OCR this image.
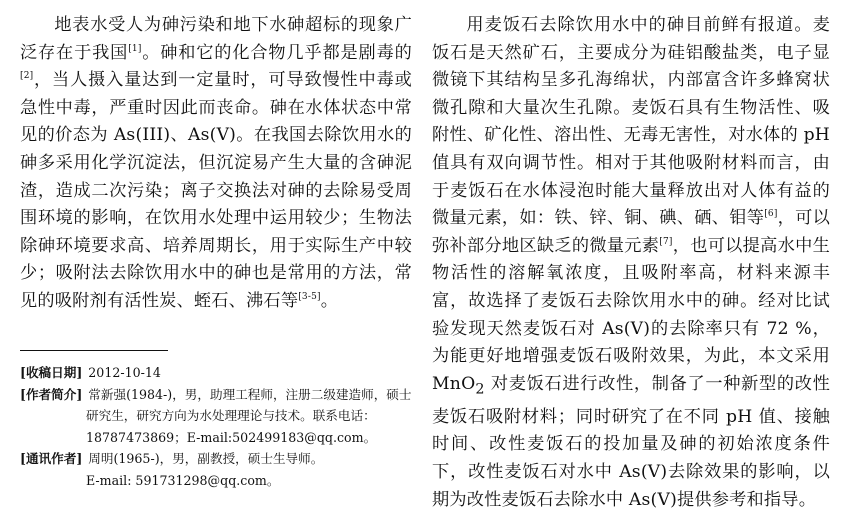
地表水受人为砷污染和地下水砷超标的现象广泛存在于我国[1]。砷和它的化合物几乎都是剧毒的[2]，当人摄入量达到一定量时，可导致慢性中毒或急性中毒，严重时因此而丧命。砷在水体状态中常见的价态为 As(III)、As(V)。在我国去除饮用水的砷多采用化学沉淀法，但沉淀易产生大量的含砷泥渣，造成二次污染；离子交换法对砷的去除易受周围环境的影响，在饮用水处理中运用较少；生物法除砷环境要求高、培养周期长，用于实际生产中较少；吸附法去除饮用水中的砷也是常用的方法，常见的吸附剂有活性炭、蛭石、沸石等[3-5]。

[收稿日期] 2012-10-14
[作者简介] 常新强(1984-)，男，助理工程师，注册二级建造师，硕士
研究生，研究方向为水处理理论与技术。联系电话：
18787473869；E-mail:502499183@qq.com。
[通讯作者] 周明(1965-)，男，副教授，硕士生导师。
E-mail: 591731298@qq.com。

用麦饭石去除饮用水中的砷目前鲜有报道。麦饭石是天然矿石，主要成分为硅铝酸盐类，电子显微镜下其结构呈多孔海绵状，内部富含许多蜂窝状微孔隙和大量次生孔隙。麦饭石具有生物活性、吸附性、矿化性、溶出性、无毒无害性，对水体的 pH 值具有双向调节性。相对于其他吸附材料而言，由于麦饭石在水体浸泡时能大量释放出对人体有益的微量元素，如：铁、锌、铜、碘、硒、钼等[6]，可以弥补部分地区缺乏的微量元素[7]，也可以提高水中生物活性的溶解氧浓度，且吸附率高，材料来源丰富，故选择了麦饭石去除饮用水中的砷。经对比试验发现天然麦饭石对 As(V)的去除率只有 72 %，为能更好地增强麦饭石吸附效果，为此，本文采用 MnO$_2$ 对麦饭石进行改性，制备了一种新型的改性麦饭石吸附材料；同时研究了在不同 pH 值、接触时间、改性麦饭石的投加量及砷的初始浓度条件下，改性麦饭石对水中 As(V)去除效果的影响，以期为改性麦饭石去除水中 As(V)提供参考和指导。
